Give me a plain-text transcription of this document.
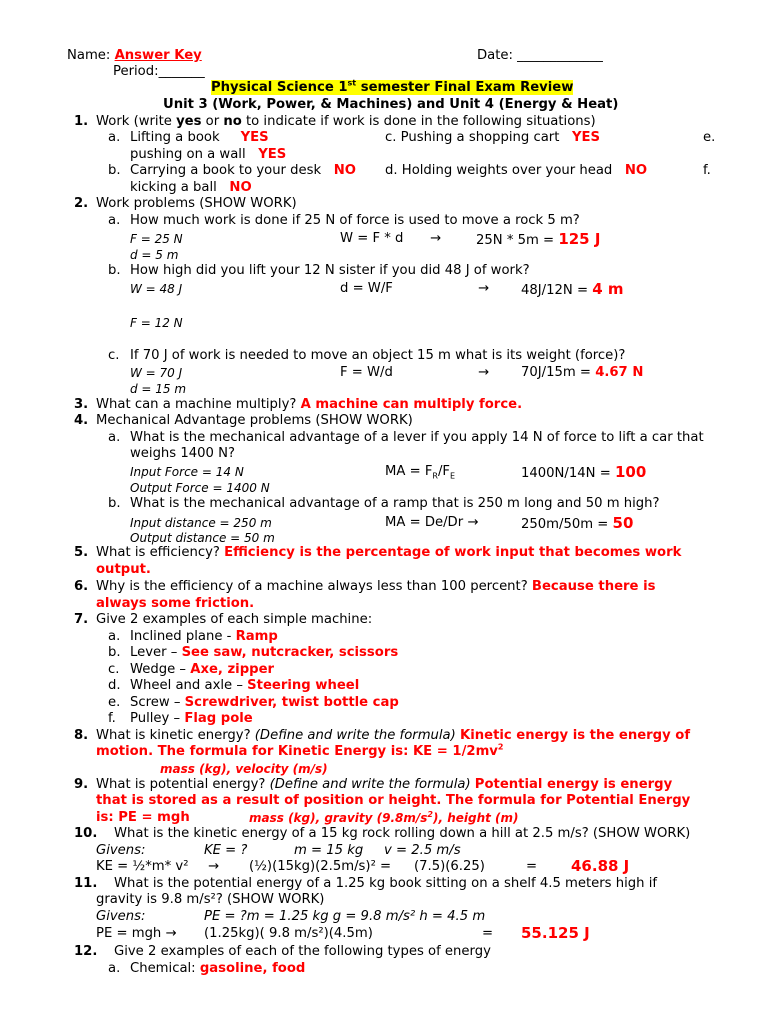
Name: Answer Key	Date: _____________
Period:_______
Physical Science 1st semester Final Exam Review
Unit 3 (Work, Power, & Machines) and Unit 4 (Energy & Heat)
1. Work (write yes or no to indicate if work is done in the following situations)
a. Lifting a book YES	c. Pushing a shopping cart YES	e.
pushing on a wall YES
b. Carrying a book to your desk NO d. Holding weights over your head NO	f.
kicking a ball NO
2. Work problems (SHOW WORK)
a. How much work is done if 25 N of force is used to move a rock 5 m?
F = 25 N	W = F * d →	25N * 5m = 125 J
d = 5 m
b. How high did you lift your 12 N sister if you did 48 J of work?
W = 48 J	d = W/F	→ 48J/12N = 4 m
F = 12 N
c. If 70 J of work is needed to move an object 15 m what is its weight (force)?
W = 70 J	F = W/d	→ 70J/15m = 4.67 N
d = 15 m
3. What can a machine multiply? A machine can multiply force.
4. Mechanical Advantage problems (SHOW WORK)
a. What is the mechanical advantage of a lever if you apply 14 N of force to lift a car that
weighs 1400 N?
Input Force = 14 N	MA = $F_R/F_E$	1400N/14N = 100
Output Force = 1400 N
b. What is the mechanical advantage of a ramp that is 250 m long and 50 m high?
Input distance = 250 m	MA = De/Dr →	250m/50m = 50
Output distance = 50 m
5. What is efficiency? Efficiency is the percentage of work input that becomes work
output.
6. Why is the efficiency of a machine always less than 100 percent? Because there is
always some friction.
7. Give 2 examples of each simple machine:
a. Inclined plane - Ramp
b. Lever – See saw, nutcracker, scissors
c. Wedge – Axe, zipper
d. Wheel and axle – Steering wheel
e. Screw – Screwdriver, twist bottle cap
f. Pulley – Flag pole
8. What is kinetic energy? (Define and write the formula) Kinetic energy is the energy of
motion. The formula for Kinetic Energy is: KE = $1/2mv^2$
mass (kg), velocity (m/s)
9. What is potential energy? (Define and write the formula) Potential energy is energy
that is stored as a result of position or height. The formula for Potential Energy
is: PE = mgh	mass (kg), gravity $(9.8m/s^2)$, height (m)
10. What is the kinetic energy of a 15 kg rock rolling down a hill at 2.5 m/s? (SHOW WORK)
Givens:	KE = ?	m = 15 kg v = 2.5 m/s
KE = ½*m* v² → (½)(15kg)(2.5m/s)² = (7.5)(6.25)	= 46.88 J
11. What is the potential energy of a 1.25 kg book sitting on a shelf 4.5 meters high if
gravity is 9.8 m/s²? (SHOW WORK)
Givens:	PE = ?m = 1.25 kg g = 9.8 m/s² h = 4.5 m
PE = mgh → (1.25kg)( 9.8 m/s²)(4.5m)	= 55.125 J
12. Give 2 examples of each of the following types of energy
a. Chemical: gasoline, food
